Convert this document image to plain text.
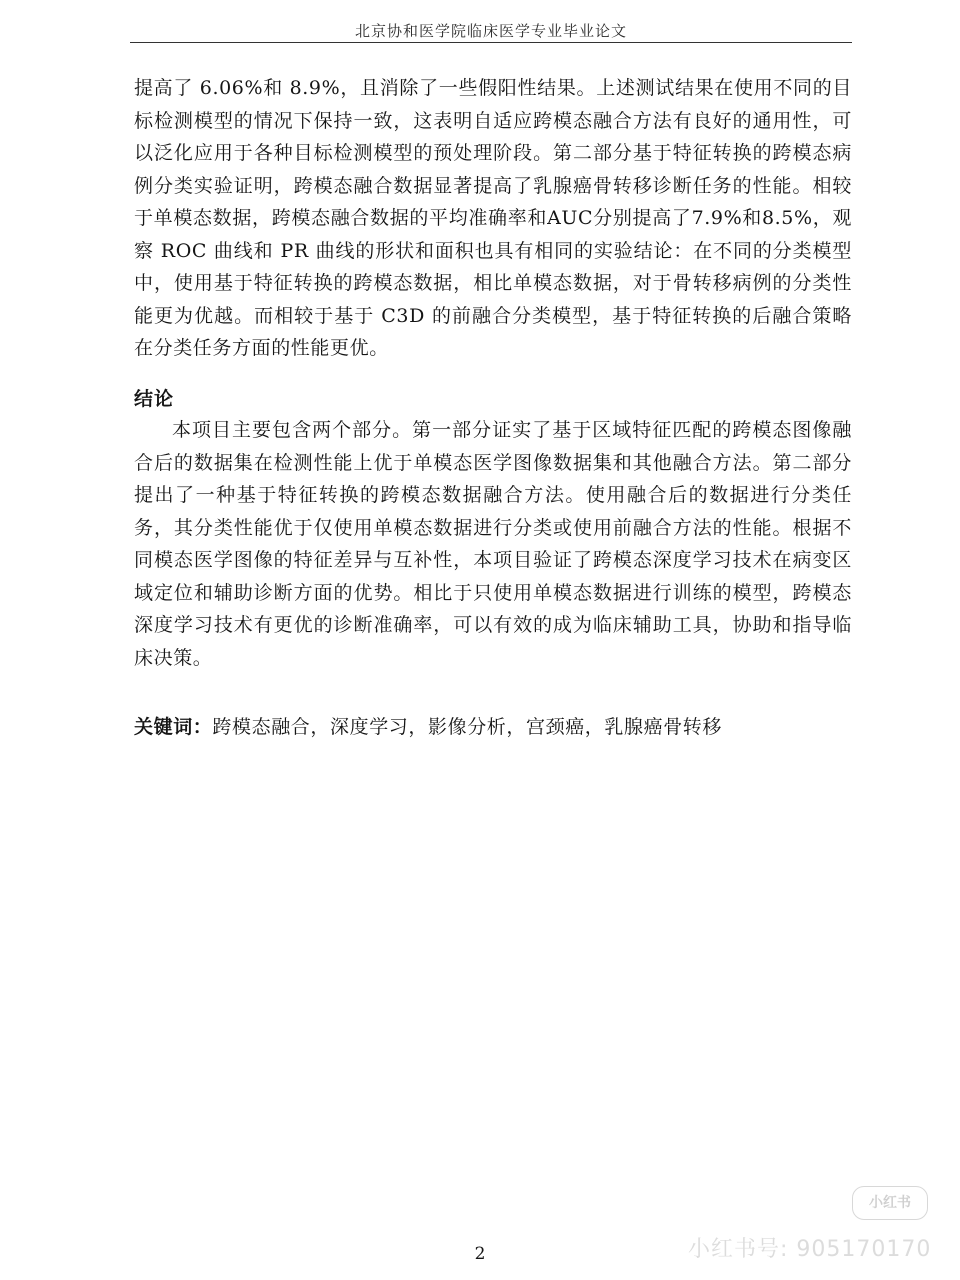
北京协和医学院临床医学专业毕业论文

提高了 6.06%和 8.9%，且消除了一些假阳性结果。上述测试结果在使用不同的目标检测模型的情况下保持一致，这表明自适应跨模态融合方法有良好的通用性，可以泛化应用于各种目标检测模型的预处理阶段。第二部分基于特征转换的跨模态病例分类实验证明，跨模态融合数据显著提高了乳腺癌骨转移诊断任务的性能。相较于单模态数据，跨模态融合数据的平均准确率和AUC分别提高了7.9%和8.5%，观察 ROC 曲线和 PR 曲线的形状和面积也具有相同的实验结论：在不同的分类模型中，使用基于特征转换的跨模态数据，相比单模态数据，对于骨转移病例的分类性能更为优越。而相较于基于 C3D 的前融合分类模型，基于特征转换的后融合策略在分类任务方面的性能更优。

结论

本项目主要包含两个部分。第一部分证实了基于区域特征匹配的跨模态图像融合后的数据集在检测性能上优于单模态医学图像数据集和其他融合方法。第二部分提出了一种基于特征转换的跨模态数据融合方法。使用融合后的数据进行分类任务，其分类性能优于仅使用单模态数据进行分类或使用前融合方法的性能。根据不同模态医学图像的特征差异与互补性，本项目验证了跨模态深度学习技术在病变区域定位和辅助诊断方面的优势。相比于只使用单模态数据进行训练的模型，跨模态深度学习技术有更优的诊断准确率，可以有效的成为临床辅助工具，协助和指导临床决策。

关键词：跨模态融合，深度学习，影像分析，宫颈癌，乳腺癌骨转移
2
小红书
小红书号: 905170170
